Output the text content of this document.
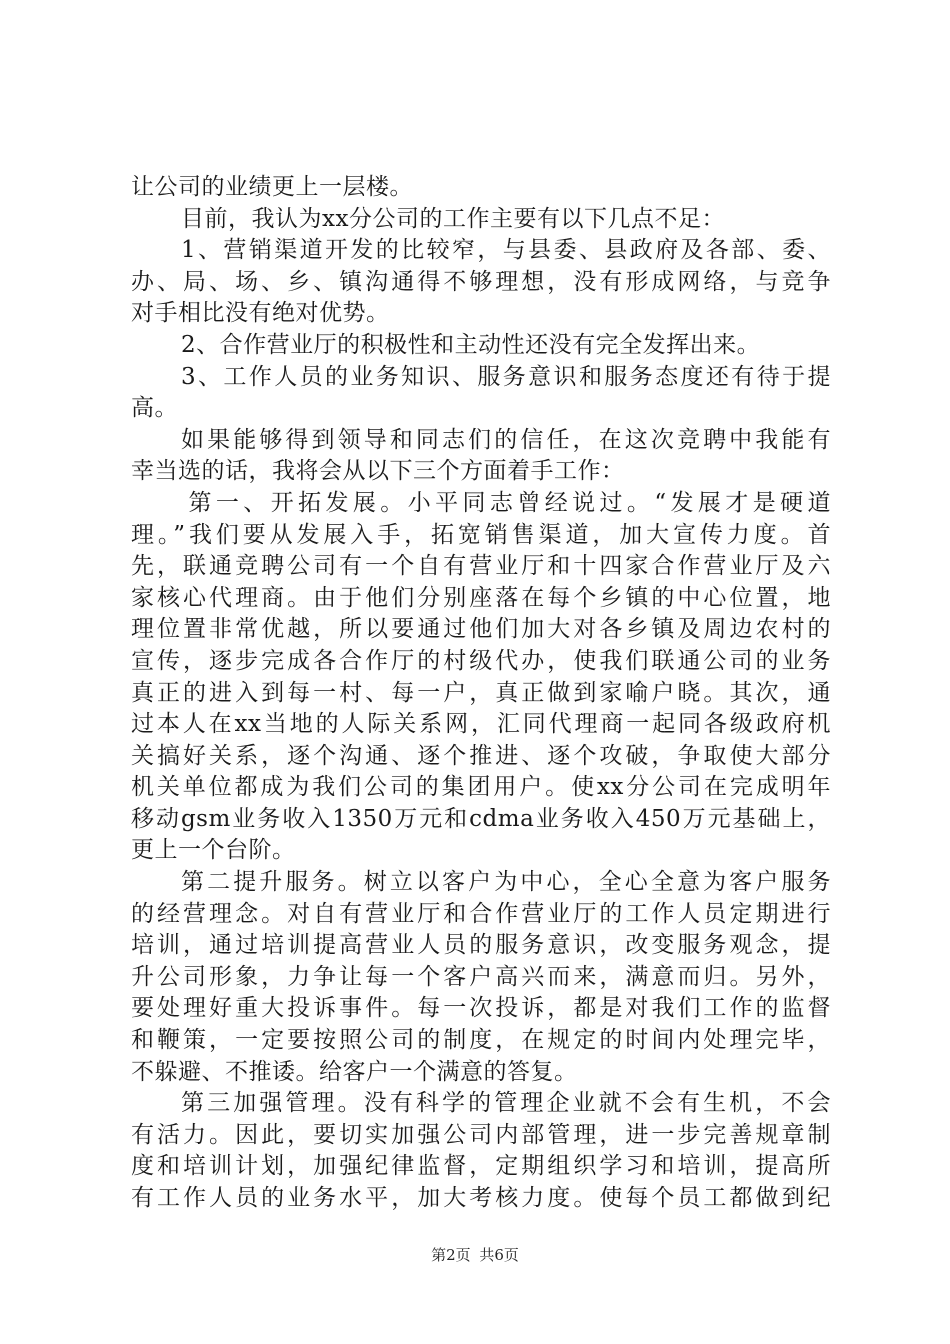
让公司的业绩更上一层楼。
目前，我认为xx分公司的工作主要有以下几点不足：
1、营销渠道开发的比较窄，与县委、县政府及各部、委、
办、局、场、乡、镇沟通得不够理想，没有形成网络，与竞争
对手相比没有绝对优势。
2、合作营业厅的积极性和主动性还没有完全发挥出来。
3、工作人员的业务知识、服务意识和服务态度还有待于提
高。
如果能够得到领导和同志们的信任，在这次竞聘中我能有
幸当选的话，我将会从以下三个方面着手工作：
第一、开拓发展。小平同志曾经说过。“发展才是硬道
理。”我们要从发展入手，拓宽销售渠道，加大宣传力度。首
先，联通竞聘公司有一个自有营业厅和十四家合作营业厅及六
家核心代理商。由于他们分别座落在每个乡镇的中心位置，地
理位置非常优越，所以要通过他们加大对各乡镇及周边农村的
宣传，逐步完成各合作厅的村级代办，使我们联通公司的业务
真正的进入到每一村、每一户，真正做到家喻户晓。其次，通
过本人在xx当地的人际关系网，汇同代理商一起同各级政府机
关搞好关系，逐个沟通、逐个推进、逐个攻破，争取使大部分
机关单位都成为我们公司的集团用户。使xx分公司在完成明年
移动gsm业务收入1350万元和cdma业务收入450万元基础上，
更上一个台阶。
第二提升服务。树立以客户为中心，全心全意为客户服务
的经营理念。对自有营业厅和合作营业厅的工作人员定期进行
培训，通过培训提高营业人员的服务意识，改变服务观念，提
升公司形象，力争让每一个客户高兴而来，满意而归。另外，
要处理好重大投诉事件。每一次投诉，都是对我们工作的监督
和鞭策，一定要按照公司的制度，在规定的时间内处理完毕，
不躲避、不推诿。给客户一个满意的答复。
第三加强管理。没有科学的管理企业就不会有生机，不会
有活力。因此，要切实加强公司内部管理，进一步完善规章制
度和培训计划，加强纪律监督，定期组织学习和培训，提高所
有工作人员的业务水平，加大考核力度。使每个员工都做到纪
第2页 共6页
